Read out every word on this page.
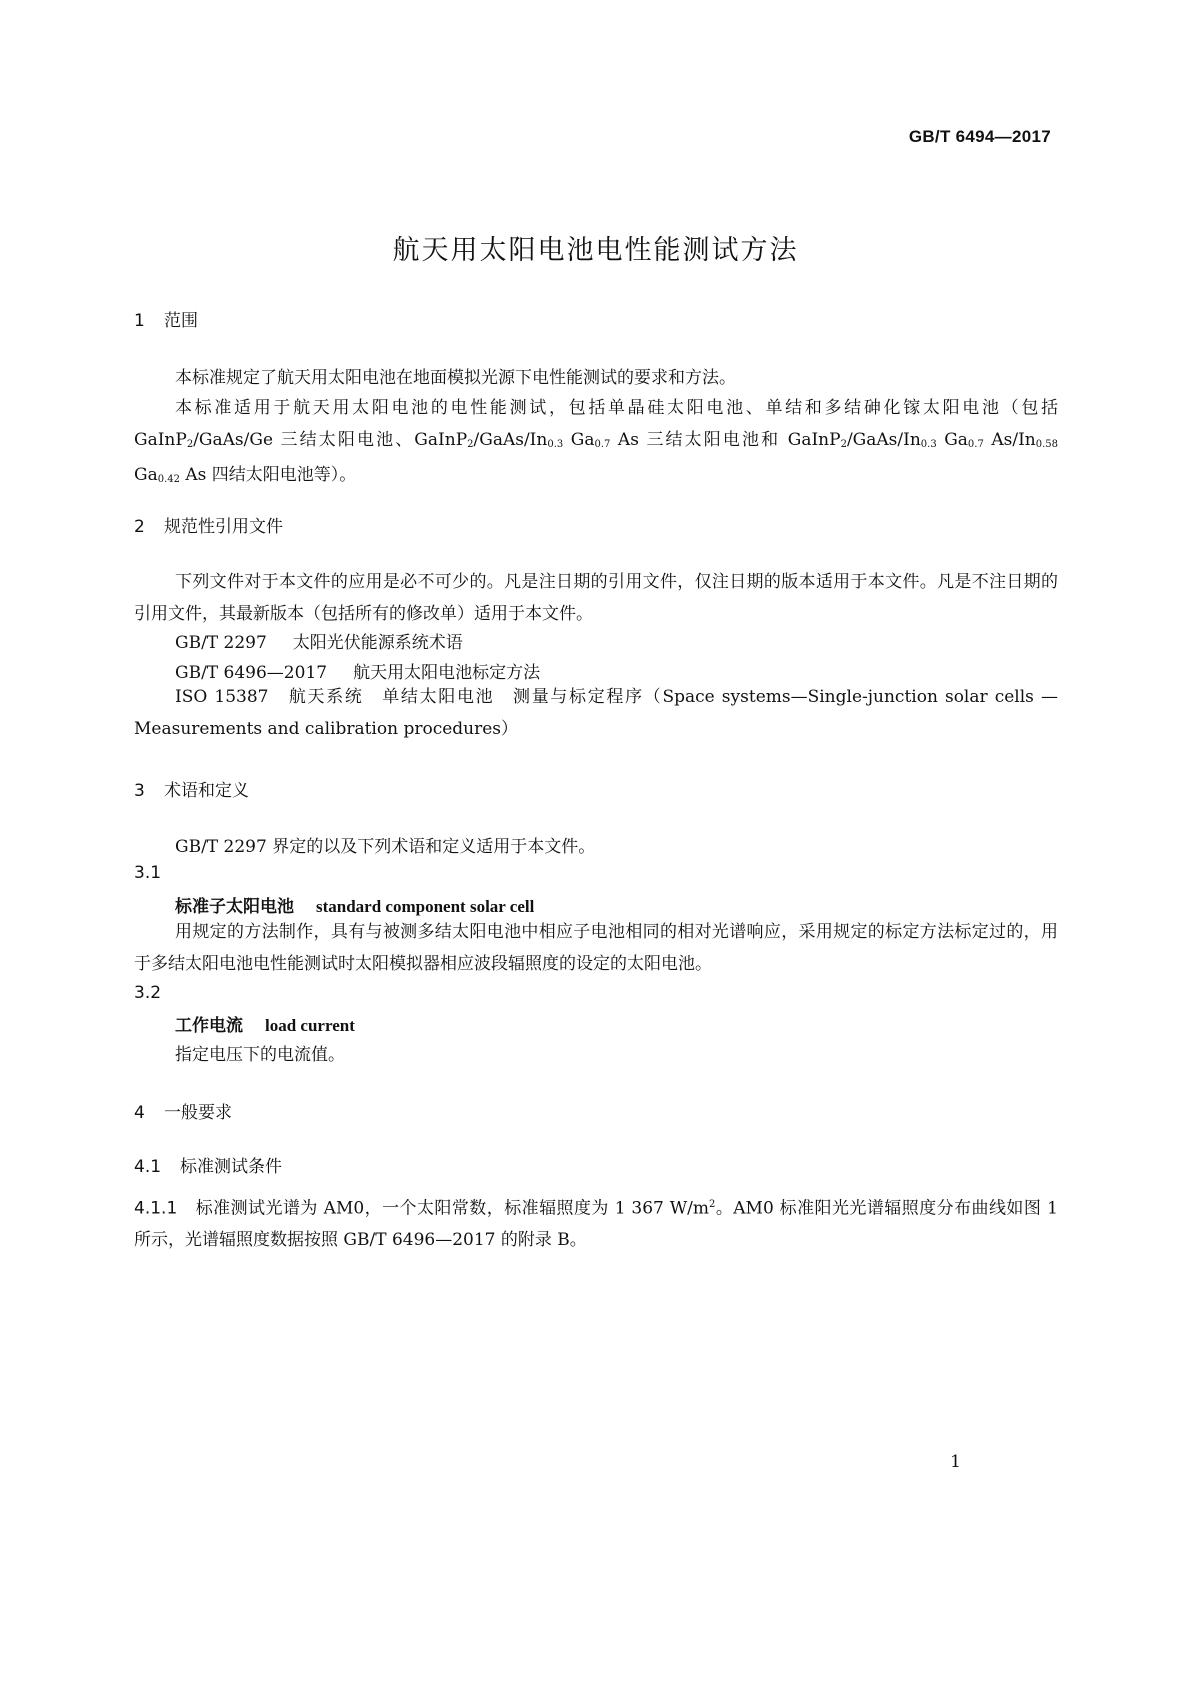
GB/T 6494—2017
航天用太阳电池电性能测试方法
1 范围
本标准规定了航天用太阳电池在地面模拟光源下电性能测试的要求和方法。
本标准适用于航天用太阳电池的电性能测试，包括单晶硅太阳电池、单结和多结砷化镓太阳电池（包括 GaInP$_2$/GaAs/Ge 三结太阳电池、$GaInP_2/GaAs/In_{0.3}$ $Ga_{0.7}$ As 三结太阳电池和 $GaInP_2/GaAs/In_{0.3}$ $Ga_{0.7}$ $As/In_{0.58}$ $Ga_{0.42}$ As 四结太阳电池等）。
2 规范性引用文件
下列文件对于本文件的应用是必不可少的。凡是注日期的引用文件，仅注日期的版本适用于本文件。凡是不注日期的引用文件，其最新版本（包括所有的修改单）适用于本文件。
GB/T 2297 太阳光伏能源系统术语
GB/T 6496—2017 航天用太阳电池标定方法
ISO 15387　航天系统　单结太阳电池　测量与标定程序（Space systems—Single-junction solar cells —Measurements and calibration procedures）
3 术语和定义
GB/T 2297 界定的以及下列术语和定义适用于本文件。
3.1
标准子太阳电池 standard component solar cell
用规定的方法制作，具有与被测多结太阳电池中相应子电池相同的相对光谱响应，采用规定的标定方法标定过的，用于多结太阳电池电性能测试时太阳模拟器相应波段辐照度的设定的太阳电池。
3.2
工作电流 load current
指定电压下的电流值。
4 一般要求
4.1 标准测试条件
4.1.1 标准测试光谱为 AM0，一个太阳常数，标准辐照度为 1 367 $W/m^2$。AM0 标准阳光光谱辐照度分布曲线如图 1 所示，光谱辐照度数据按照 GB/T 6496—2017 的附录 B。
1
